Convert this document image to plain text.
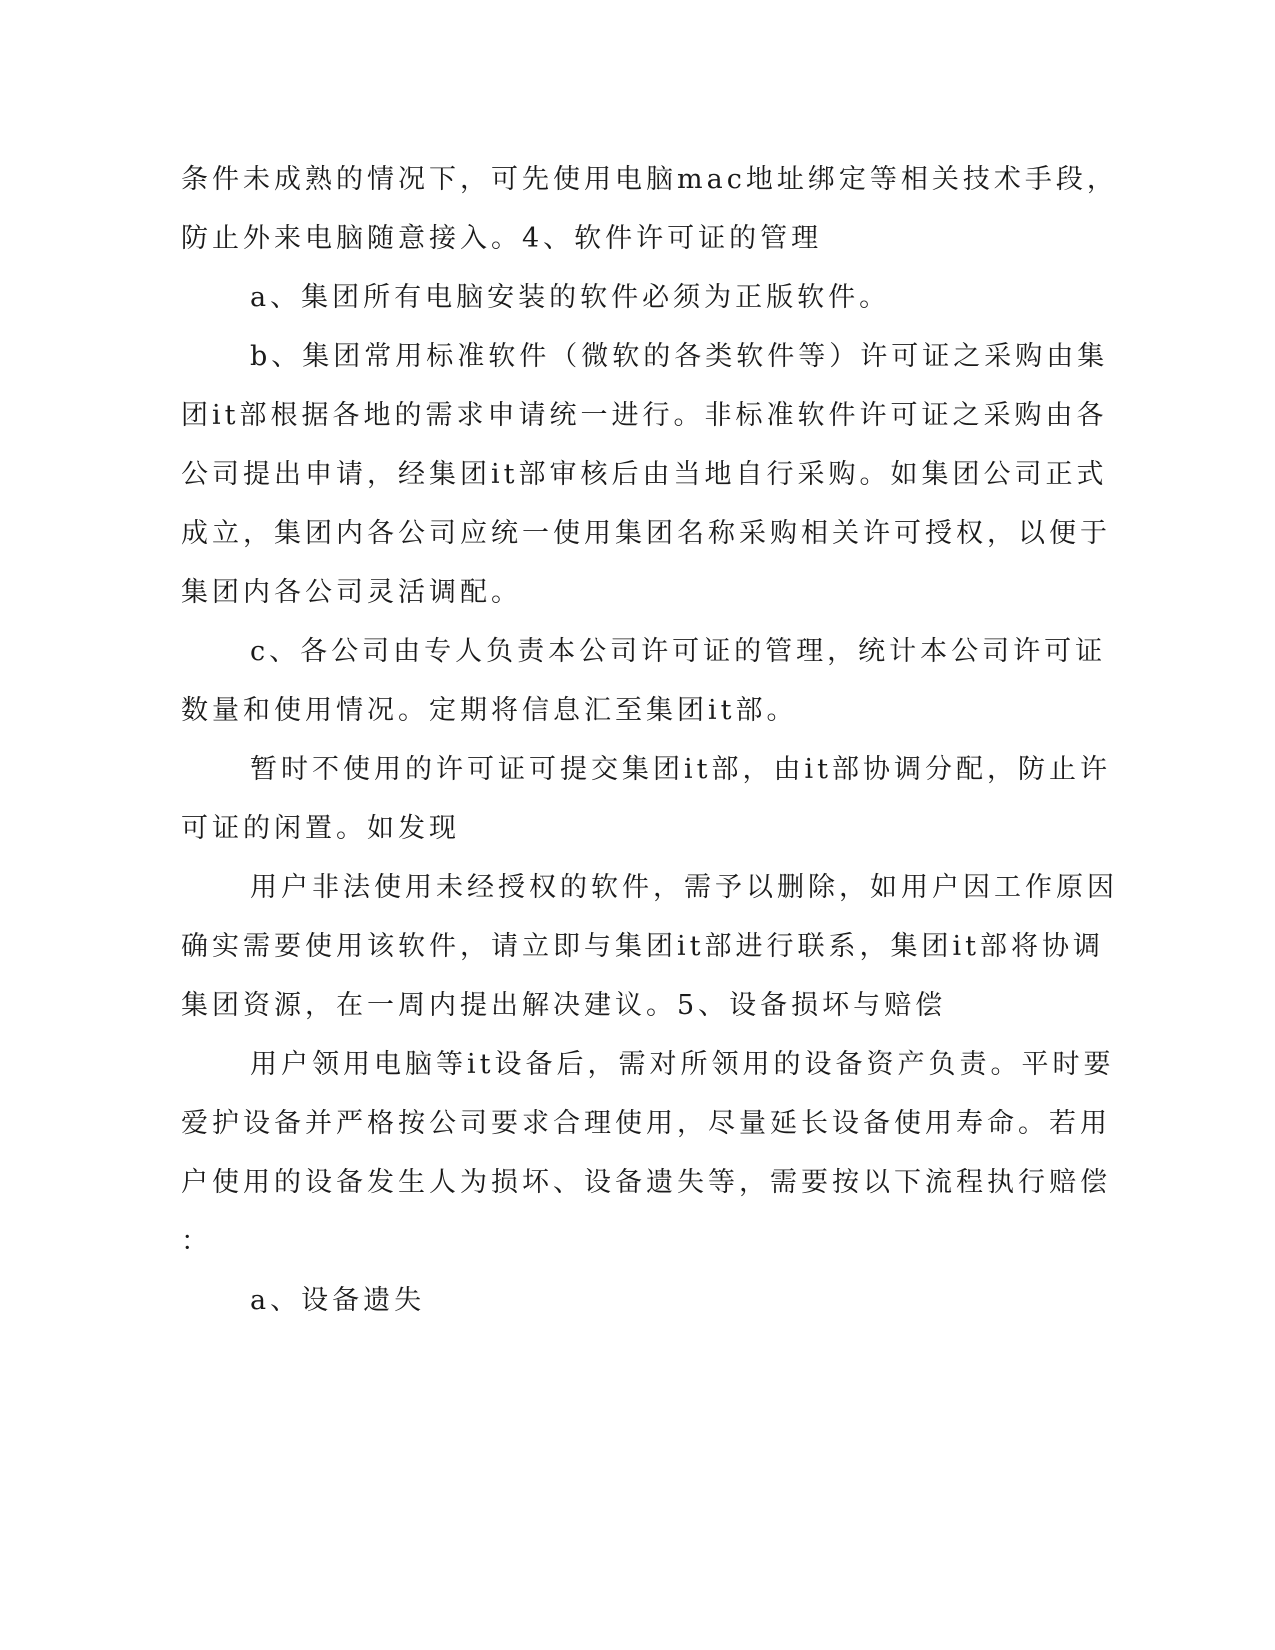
条件未成熟的情况下，可先使用电脑mac地址绑定等相关技术手段，
防止外来电脑随意接入。4、软件许可证的管理
a、集团所有电脑安装的软件必须为正版软件。
b、集团常用标准软件（微软的各类软件等）许可证之采购由集
团it部根据各地的需求申请统一进行。非标准软件许可证之采购由各
公司提出申请，经集团it部审核后由当地自行采购。如集团公司正式
成立，集团内各公司应统一使用集团名称采购相关许可授权，以便于
集团内各公司灵活调配。
c、各公司由专人负责本公司许可证的管理，统计本公司许可证
数量和使用情况。定期将信息汇至集团it部。
暂时不使用的许可证可提交集团it部，由it部协调分配，防止许
可证的闲置。如发现
用户非法使用未经授权的软件，需予以删除，如用户因工作原因
确实需要使用该软件，请立即与集团it部进行联系，集团it部将协调
集团资源，在一周内提出解决建议。5、设备损坏与赔偿
用户领用电脑等it设备后，需对所领用的设备资产负责。平时要
爱护设备并严格按公司要求合理使用，尽量延长设备使用寿命。若用
户使用的设备发生人为损坏、设备遗失等，需要按以下流程执行赔偿
：
a、设备遗失
